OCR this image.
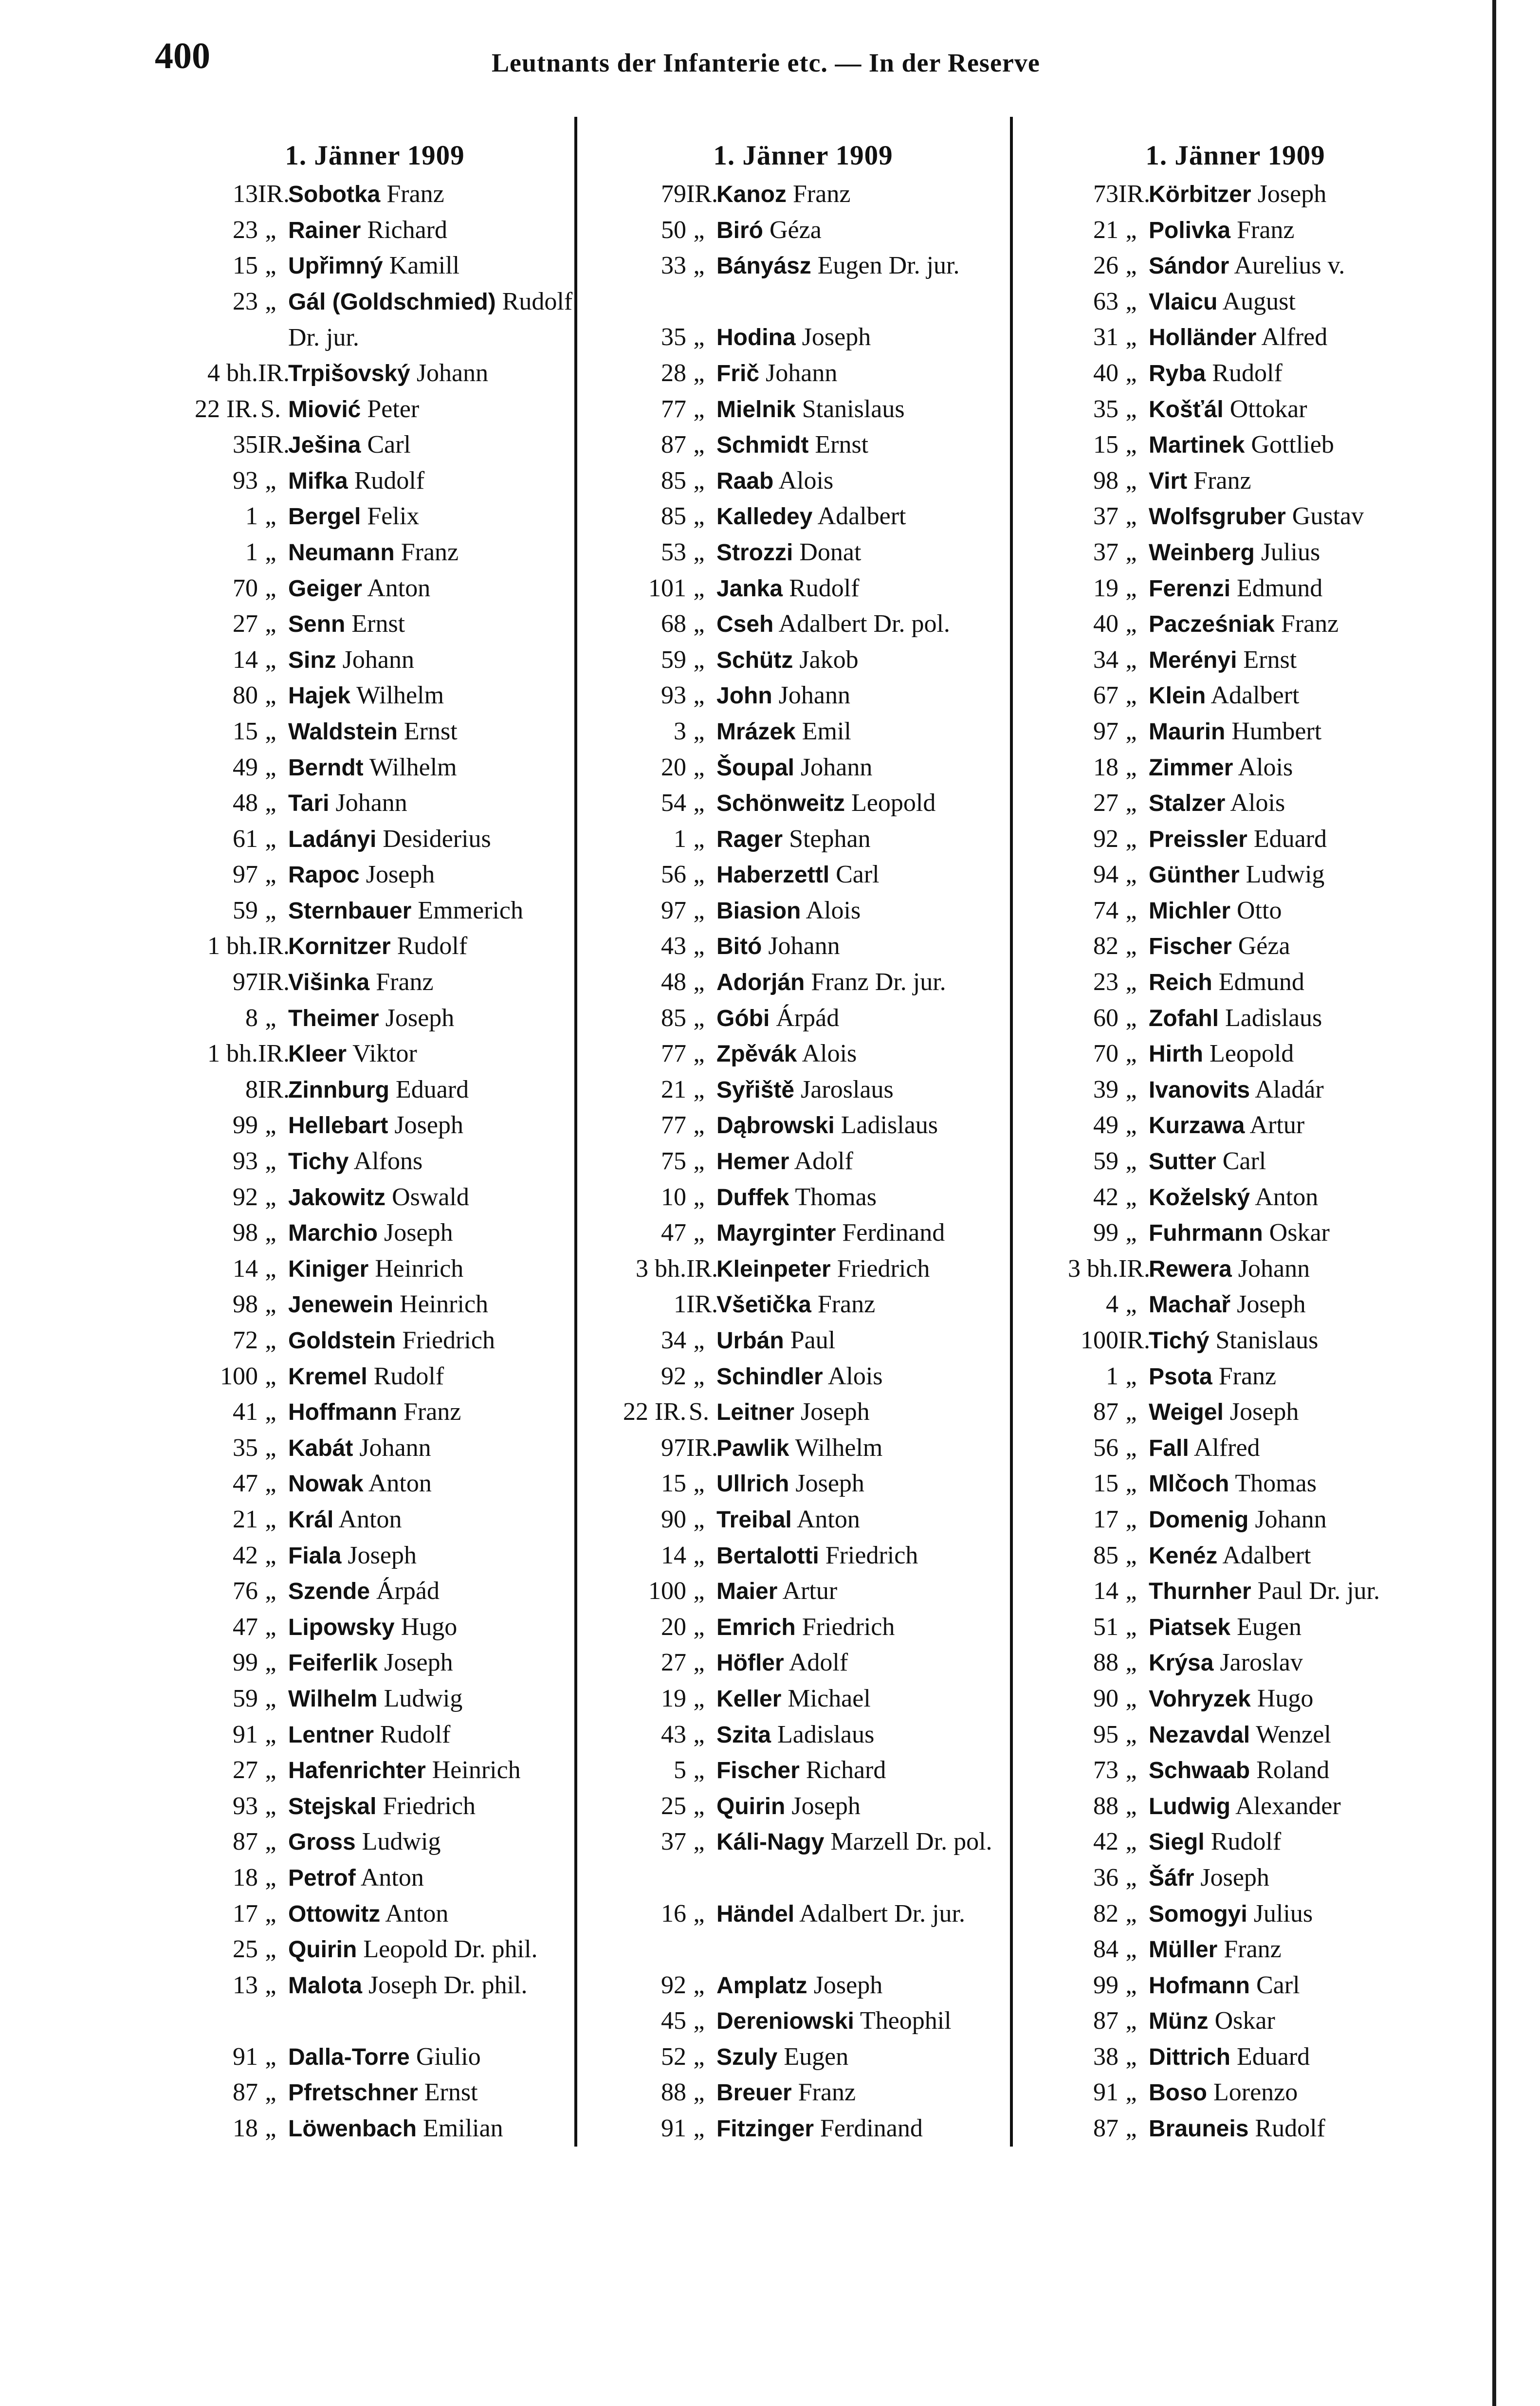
400	Leutnants der Infanterie etc. — In der Reserve
1. Jänner 1909
13 IR.
Sobotka Franz
23 „ Rainer Richard
15 „ Upřimný Kamill
23 „ Gál (Goldschmied) Rudolf Dr. jur.
4 bh. IR.
Trpišovský Johann
22 IR. S. Miović Peter
35 IR.
Ješina Carl
93 „ Mifka Rudolf
1 „ Bergel Felix
1 „ Neumann Franz
70 „ Geiger Anton
27 „ Senn Ernst
14 „ Sinz Johann
80 „ Hajek Wilhelm
15 „ Waldstein Ernst
49 „ Berndt Wilhelm
48 „ Tari Johann
61 „ Ladányi Desiderius
97 „ Rapoc Joseph
59 „ Sternbauer Emmerich
1 bh. IR.
Kornitzer Rudolf
97 IR.
Višinka Franz
8 „ Theimer Joseph
1 bh. IR.
Kleer Viktor
8 IR.
Zinnburg Eduard
99 „ Hellebart Joseph
93 „ Tichy Alfons
92 „ Jakowitz Oswald
98 „ Marchio Joseph
14 „ Kiniger Heinrich
98 „ Jenewein Heinrich
72 „ Goldstein Friedrich
100 „ Kremel Rudolf
41 „ Hoffmann Franz
35 „ Kabát Johann
47 „ Nowak Anton
21 „ Král Anton
42 „ Fiala Joseph
76 „ Szende Árpád
47 „ Lipowsky Hugo
99 „ Feiferlik Joseph
59 „ Wilhelm Ludwig
91 „ Lentner Rudolf
27 „ Hafenrichter Heinrich
93 „ Stejskal Friedrich
87 „ Gross Ludwig
18 „ Petrof Anton
17 „ Ottowitz Anton
25 „ Quirin Leopold Dr. phil.
13 „ Malota Joseph Dr. phil.
91 „ Dalla-Torre Giulio
87 „ Pfretschner Ernst
18 „ Löwenbach Emilian
1. Jänner 1909
79 IR.
Kanoz Franz
50 „ Biró Géza
33 „ Bányász Eugen Dr. jur.
35 „ Hodina Joseph
28 „ Frič Johann
77 „ Mielnik Stanislaus
87 „ Schmidt Ernst
85 „ Raab Alois
85 „ Kalledey Adalbert
53 „ Strozzi Donat
101 „ Janka Rudolf
68 „ Cseh Adalbert Dr. pol.
59 „ Schütz Jakob
93 „ John Johann
3 „ Mrázek Emil
20 „ Šoupal Johann
54 „ Schönweitz Leopold
1 „ Rager Stephan
56 „ Haberzettl Carl
97 „ Biasion Alois
43 „ Bitó Johann
48 „ Adorján Franz Dr. jur.
85 „ Góbi Árpád
77 „ Zpěvák Alois
21 „ Syřiště Jaroslaus
77 „ Dąbrowski Ladislaus
75 „ Hemer Adolf
10 „ Duffek Thomas
47 „ Mayrginter Ferdinand
3 bh. IR.
Kleinpeter Friedrich
1 IR.
Všetička Franz
34 „ Urbán Paul
92 „ Schindler Alois
22 IR. S. Leitner Joseph
97 IR.
Pawlik Wilhelm
15 „ Ullrich Joseph
90 „ Treibal Anton
14 „ Bertalotti Friedrich
100 „ Maier Artur
20 „ Emrich Friedrich
27 „ Höfler Adolf
19 „ Keller Michael
43 „ Szita Ladislaus
5 „ Fischer Richard
25 „ Quirin Joseph
37 „ Káli-Nagy Marzell Dr. pol.
16 „ Händel Adalbert Dr. jur.
92 „ Amplatz Joseph
45 „ Dereniowski Theophil
52 „ Szuly Eugen
88 „ Breuer Franz
91 „ Fitzinger Ferdinand
1. Jänner 1909
73 IR.
Körbitzer Joseph
21 „ Polivka Franz
26 „ Sándor Aurelius v.
63 „ Vlaicu August
31 „ Holländer Alfred
40 „ Ryba Rudolf
35 „ Košťál Ottokar
15 „ Martinek Gottlieb
98 „ Virt Franz
37 „ Wolfsgruber Gustav
37 „ Weinberg Julius
19 „ Ferenzi Edmund
40 „ Pacześniak Franz
34 „ Merényi Ernst
67 „ Klein Adalbert
97 „ Maurin Humbert
18 „ Zimmer Alois
27 „ Stalzer Alois
92 „ Preissler Eduard
94 „ Günther Ludwig
74 „ Michler Otto
82 „ Fischer Géza
23 „ Reich Edmund
60 „ Zofahl Ladislaus
70 „ Hirth Leopold
39 „ Ivanovits Aladár
49 „ Kurzawa Artur
59 „ Sutter Carl
42 „ Koželský Anton
99 „ Fuhrmann Oskar
3 bh. IR.
Rewera Johann
4 „ Machař Joseph
100 IR.
Tichý Stanislaus
1 „ Psota Franz
87 „ Weigel Joseph
56 „ Fall Alfred
15 „ Mlčoch Thomas
17 „ Domenig Johann
85 „ Kenéz Adalbert
14 „ Thurnher Paul Dr. jur.
51 „ Piatsek Eugen
88 „ Krýsa Jaroslav
90 „ Vohryzek Hugo
95 „ Nezavdal Wenzel
73 „ Schwaab Roland
88 „ Ludwig Alexander
42 „ Siegl Rudolf
36 „ Šáfr Joseph
82 „ Somogyi Julius
84 „ Müller Franz
99 „ Hofmann Carl
87 „ Münz Oskar
38 „ Dittrich Eduard
91 „ Boso Lorenzo
87 „ Brauneis Rudolf
